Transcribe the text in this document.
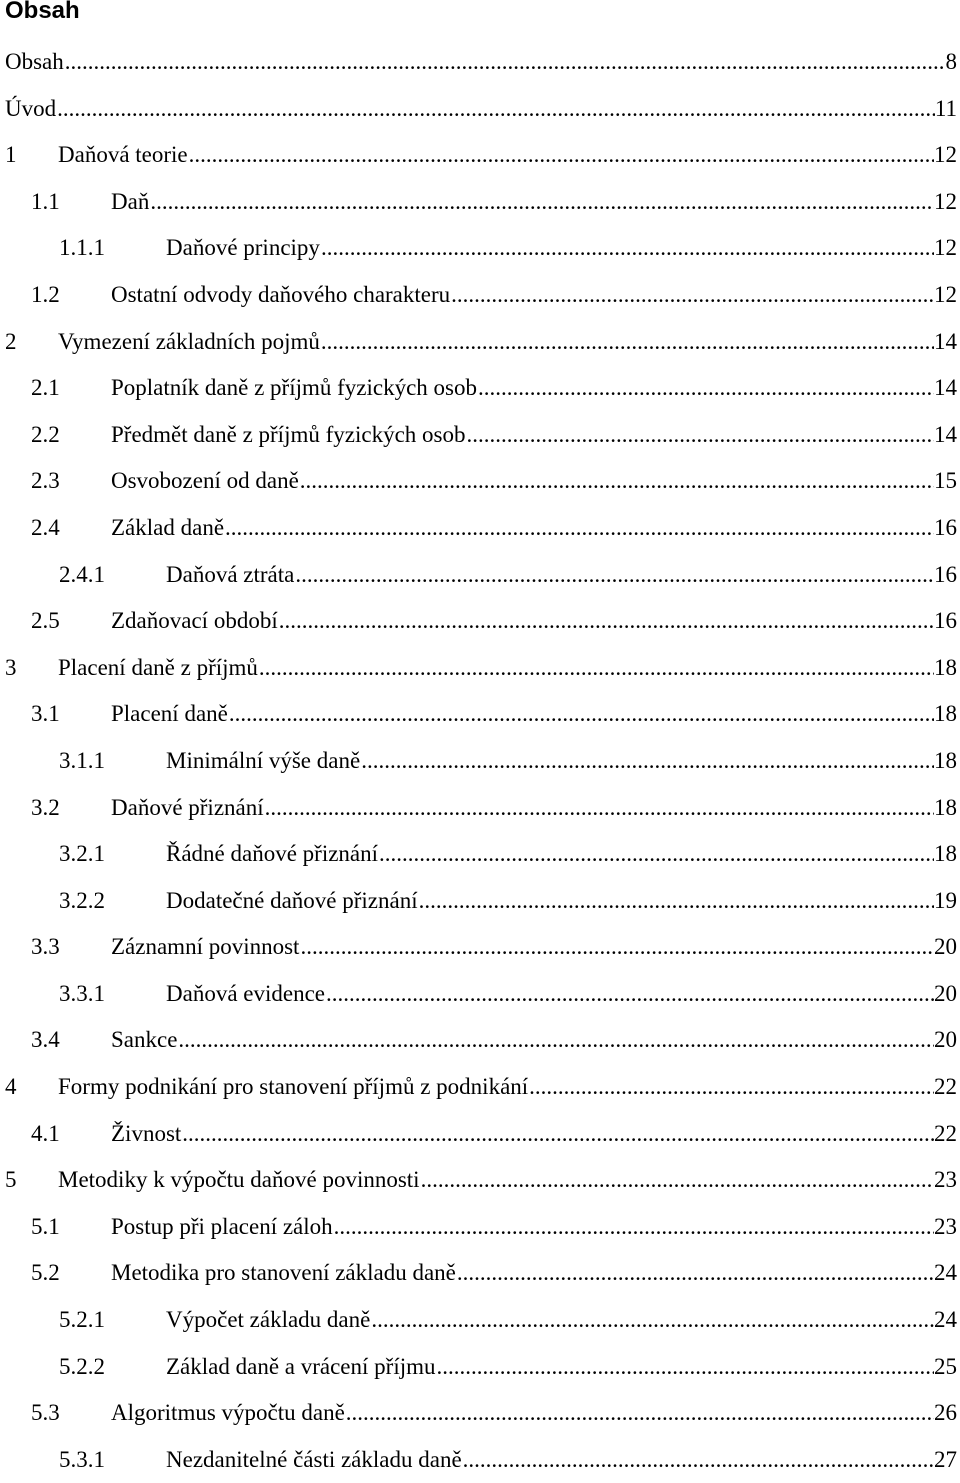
Obsah
Obsah .....	8
Úvod .....	11
1	Daňová teorie .....	12
1.1	Daň .....	12
1.1.1	Daňové principy .....	12
1.2	Ostatní odvody daňového charakteru .....	12
2	Vymezení základních pojmů .....	14
2.1	Poplatník daně z příjmů fyzických osob .....	14
2.2	Předmět daně z příjmů fyzických osob .....	14
2.3	Osvobození od daně .....	15
2.4	Základ daně .....	16
2.4.1	Daňová ztráta .....	16
2.5	Zdaňovací období .....	16
3	Placení daně z příjmů .....	18
3.1	Placení daně .....	18
3.1.1	Minimální výše daně .....	18
3.2	Daňové přiznání .....	18
3.2.1	Řádné daňové přiznání .....	18
3.2.2	Dodatečné daňové přiznání .....	19
3.3	Záznamní povinnost .....	20
3.3.1	Daňová evidence .....	20
3.4	Sankce .....	20
4	Formy podnikání pro stanovení příjmů z podnikání .....	22
4.1	Živnost .....	22
5	Metodiky k výpočtu daňové povinnosti .....	23
5.1	Postup při placení záloh .....	23
5.2	Metodika pro stanovení základu daně .....	24
5.2.1	Výpočet základu daně .....	24
5.2.2	Základ daně a vrácení příjmu .....	25
5.3	Algoritmus výpočtu daně .....	26
5.3.1	Nezdanitelné části základu daně .....	27
